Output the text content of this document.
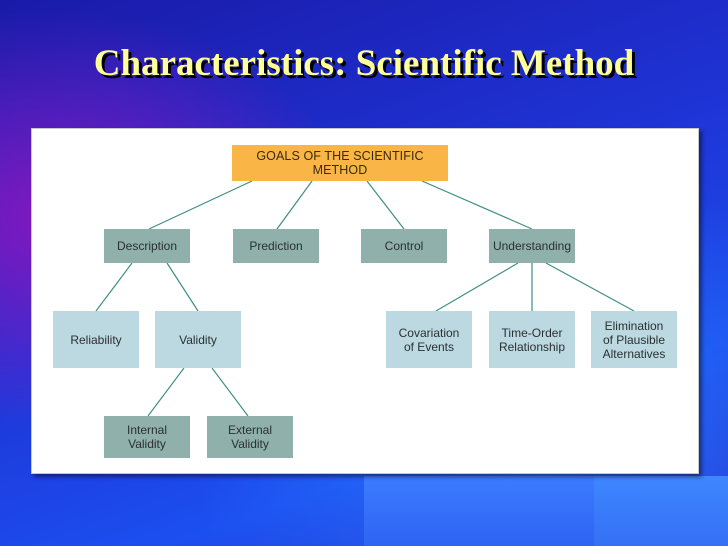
Characteristics: Scientific Method
GOALS OF THE SCIENTIFIC METHOD
Description	Prediction	Control	Understanding
Reliability	Validity
Internal
Validity
External
Validity
Covariation
of Events
Time-Order
Relationship
Elimination
of Plausible
Alternatives
